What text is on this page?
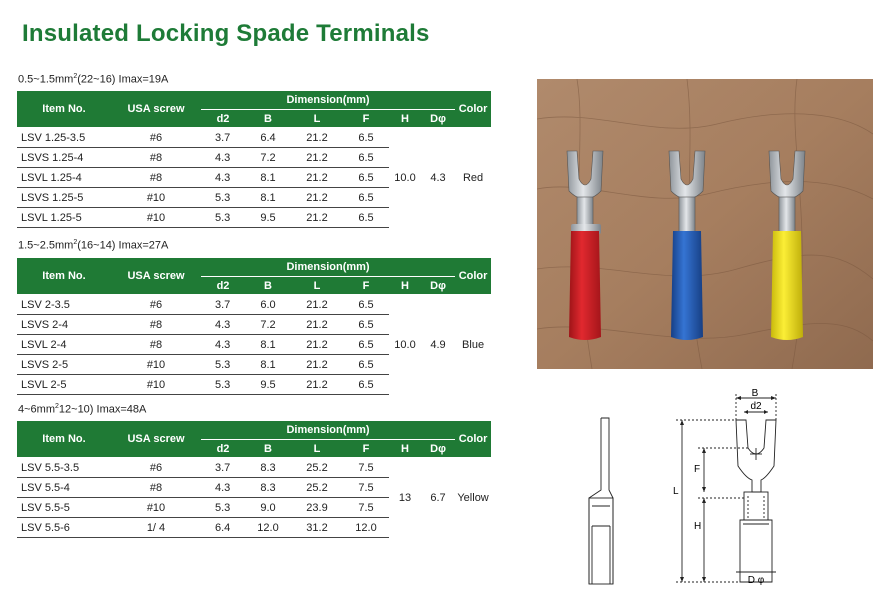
Insulated Locking Spade Terminals
$0.5\sim 1.5mm^2(22\sim 16)$ Imax=19A
Item No.	USA screw	Dimension(mm)						Color
		d2	B	L	F	H	Dφ	
LSV 1.25-3.5	#6	3.7	6.4	21.2	6.5	10.0	4.3	Red
LSVS 1.25-4	#8	4.3	7.2	21.2	6.5			
LSVL 1.25-4	#8	4.3	8.1	21.2	6.5			
LSVS 1.25-5	#10	5.3	8.1	21.2	6.5			
LSVL 1.25-5	#10	5.3	9.5	21.2	6.5			
$1.5\sim 2.5mm^2(16\sim 14)$ Imax=27A
Item No.	USA screw	Dimension(mm)						Color
		d2	B	L	F	H	Dφ	
LSV 2-3.5	#6	3.7	6.0	21.2	6.5	10.0	4.9	Blue
LSVS 2-4	#8	4.3	7.2	21.2	6.5			
LSVL 2-4	#8	4.3	8.1	21.2	6.5			
LSVS 2-5	#10	5.3	8.1	21.2	6.5			
LSVL 2-5	#10	5.3	9.5	21.2	6.5			
$4\sim 6mm^212\sim 10$) Imax=48A
Item No.	USA screw	Dimension(mm)						Color
		d2	B	L	F	H	Dφ	
LSV 5.5-3.5	#6	3.7	8.3	25.2	7.5	13	6.7	Yellow
LSV 5.5-4	#8	4.3	8.3	25.2	7.5			
LSV 5.5-5	#10	5.3	9.0	23.9	7.5			
LSV 5.5-6	1/ 4	6.4	12.0	31.2	12.0			
B
d2
F
L
H
D φ
